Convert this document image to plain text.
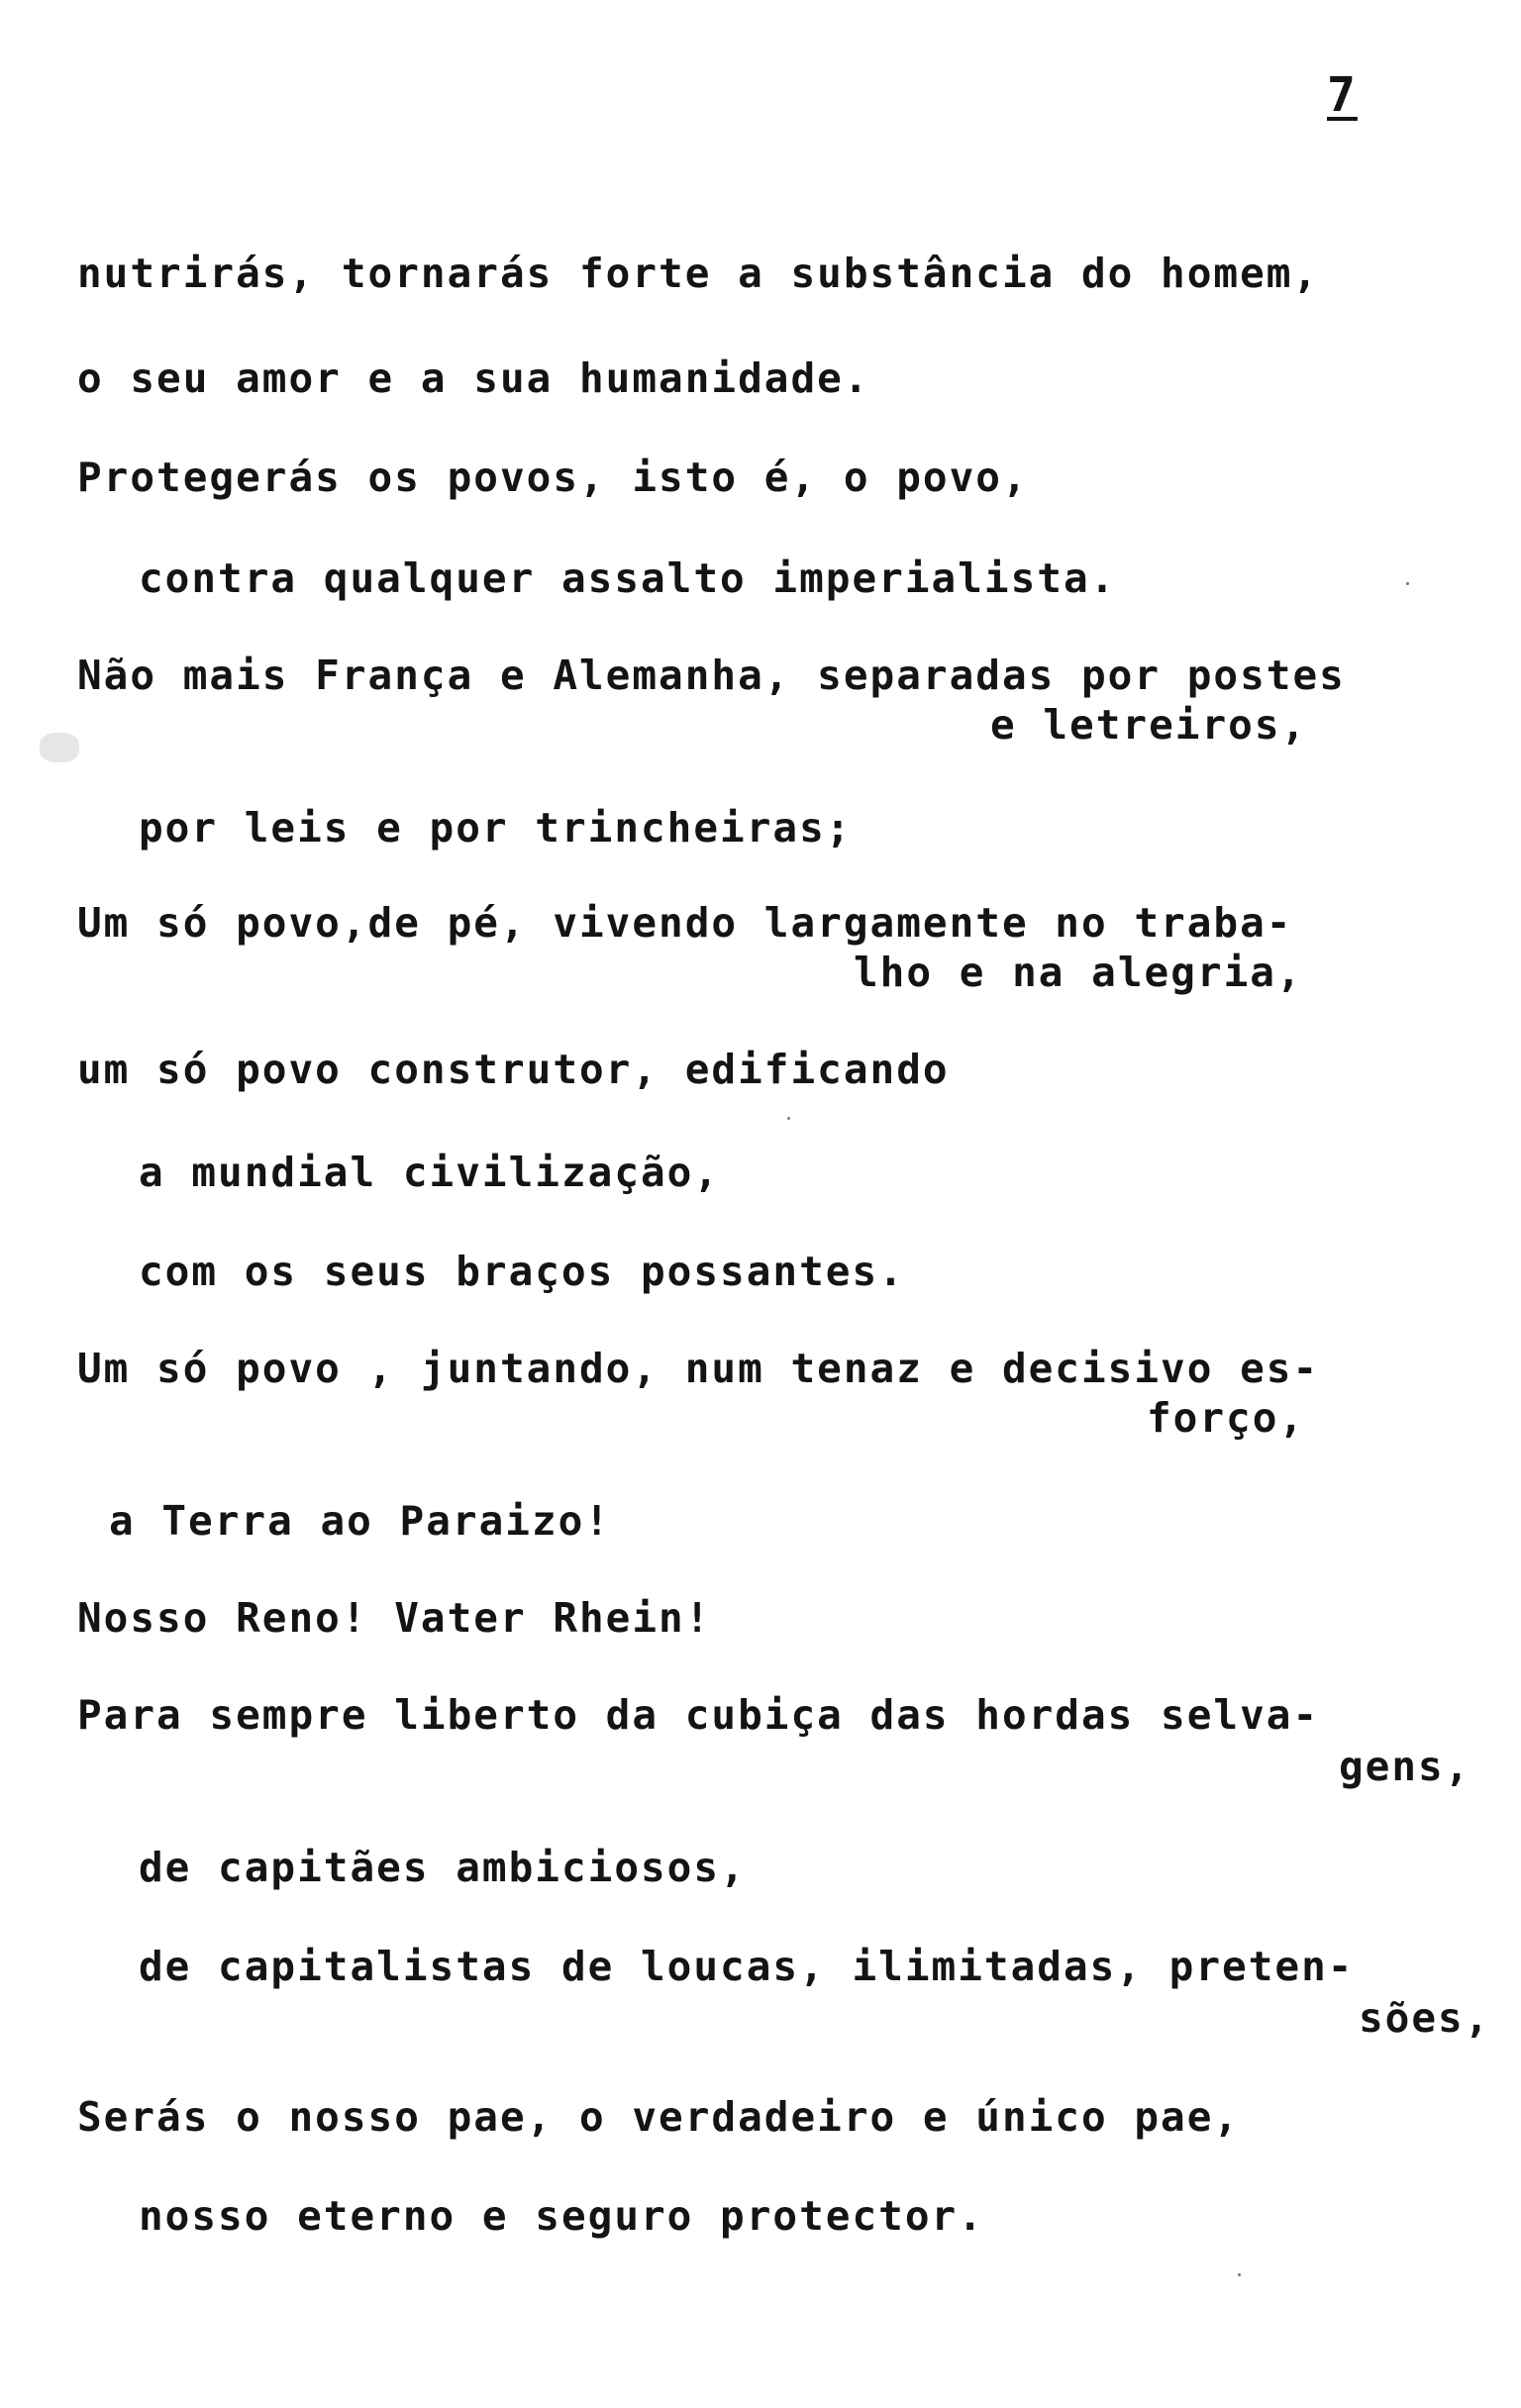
7
nutrirás, tornarás forte a substância do homem,
o seu amor e a sua humanidade.
Protegerás os povos, isto é, o povo,
contra qualquer assalto imperialista.
Não mais França e Alemanha, separadas por postes
e letreiros,
por leis e por trincheiras;
Um só povo,de pé, vivendo largamente no traba-
lho e na alegria,
um só povo construtor, edificando
a mundial civilização,
com os seus braços possantes.
Um só povo , juntando, num tenaz e decisivo es-
forço,
a Terra ao Paraizo!
Nosso Reno! Vater Rhein!
Para sempre liberto da cubiça das hordas selva-
gens,
de capitães ambiciosos,
de capitalistas de loucas, ilimitadas, preten-
sões,
Serás o nosso pae, o verdadeiro e único pae,
nosso eterno e seguro protector.
